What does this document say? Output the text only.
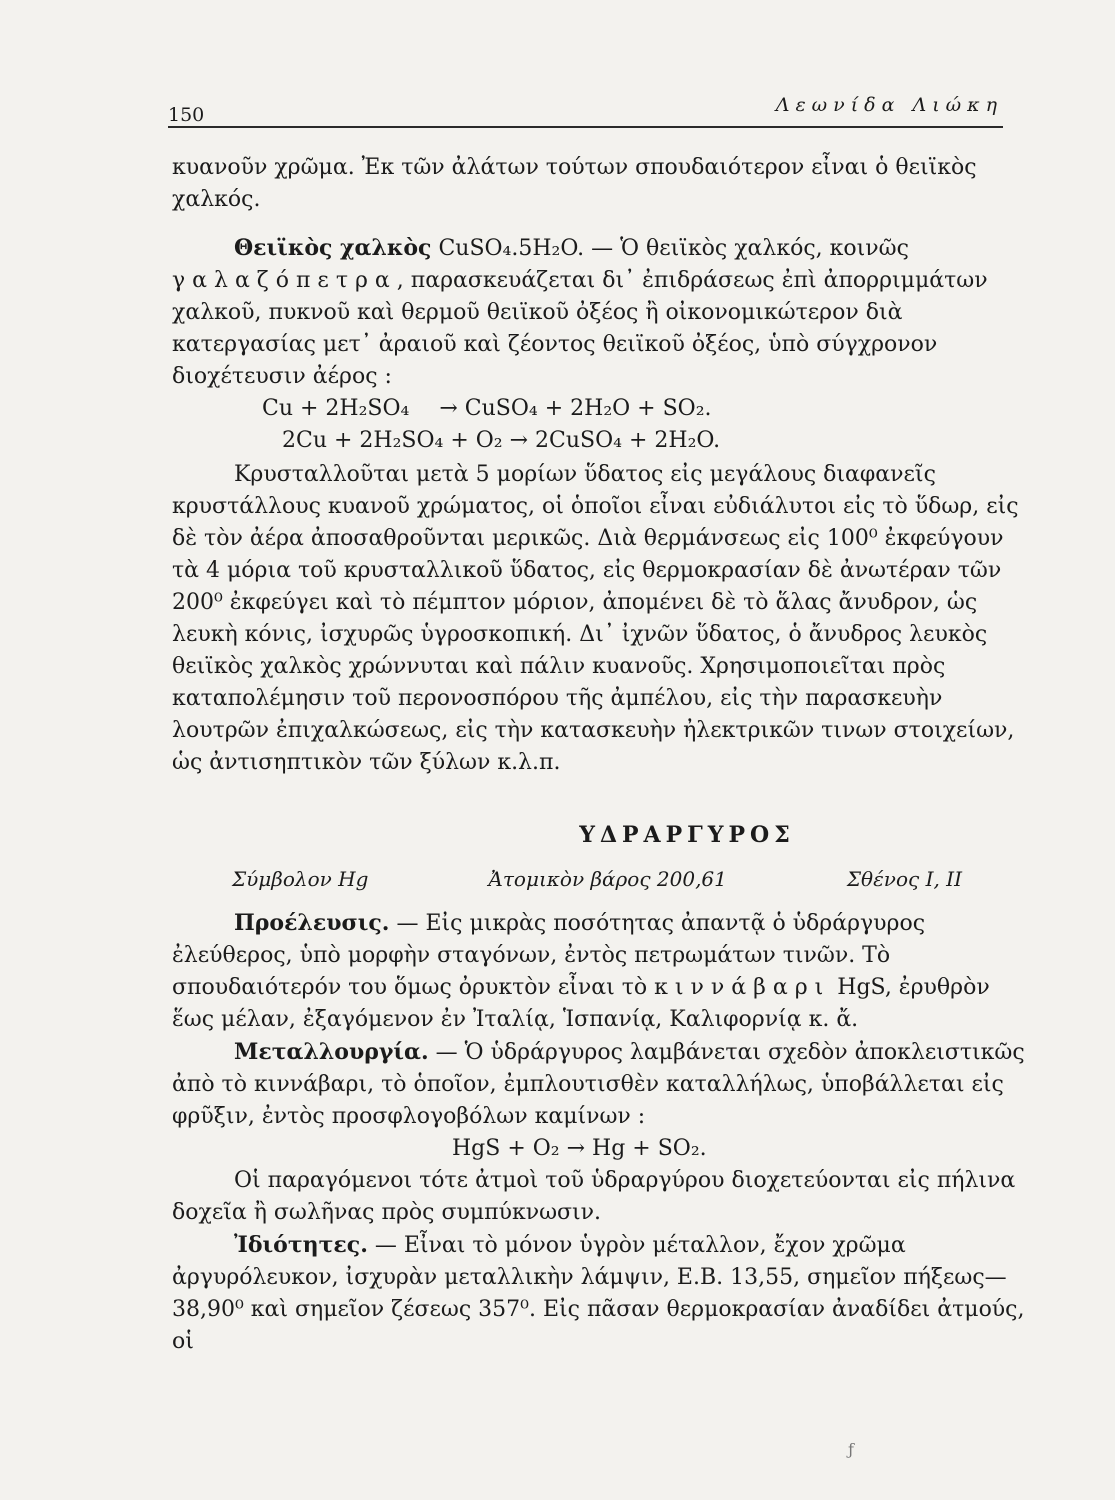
150	Λεωνίδα Λιώκη

κυανοῦν χρῶμα. Ἐκ τῶν ἀλάτων τούτων σπουδαιότερον εἶναι ὁ θειϊκὸς χαλκός.

Θειϊκὸς χαλκὸς CuSO₄.5H₂O. — Ὁ θειϊκὸς χαλκός, κοινῶς γαλαζόπετρα, παρασκευάζεται δι᾽ ἐπιδράσεως ἐπὶ ἀπορριμμάτων χαλκοῦ, πυκνοῦ καὶ θερμοῦ θειϊκοῦ ὀξέος ἢ οἰκονομικώτερον διὰ κατεργασίας μετ᾽ ἀραιοῦ καὶ ζέοντος θειϊκοῦ ὀξέος, ὑπὸ σύγχρονον διοχέτευσιν ἀέρος :

Cu + 2H₂SO₄ → CuSO₄ + 2H₂O + SO₂.
2Cu + 2H₂SO₄ + O₂ → 2CuSO₄ + 2H₂O.

Κρυσταλλοῦται μετὰ 5 μορίων ὕδατος εἰς μεγάλους διαφανεῖς κρυστάλλους κυανοῦ χρώματος, οἱ ὁποῖοι εἶναι εὐδιάλυτοι εἰς τὸ ὕδωρ, εἰς δὲ τὸν ἀέρα ἀποσαθροῦνται μερικῶς. Διὰ θερμάνσεως εἰς 100⁰ ἐκφεύγουν τὰ 4 μόρια τοῦ κρυσταλλικοῦ ὕδατος, εἰς θερμοκρασίαν δὲ ἀνωτέραν τῶν 200⁰ ἐκφεύγει καὶ τὸ πέμπτον μόριον, ἀπομένει δὲ τὸ ἅλας ἄνυδρον, ὡς λευκὴ κόνις, ἰσχυρῶς ὑγροσκοπική. Δι᾽ ἰχνῶν ὕδατος, ὁ ἄνυδρος λευκὸς θειϊκὸς χαλκὸς χρώννυται καὶ πάλιν κυανοῦς. Χρησιμοποιεῖται πρὸς καταπολέμησιν τοῦ περονοσπόρου τῆς ἀμπέλου, εἰς τὴν παρασκευὴν λουτρῶν ἐπιχαλκώσεως, εἰς τὴν κατασκευὴν ἠλεκτρικῶν τινων στοιχείων, ὡς ἀντισηπτικὸν τῶν ξύλων κ.λ.π.

ΥΔΡΑΡΓΥΡΟΣ
Σύμβολον Hg	Ἀτομικὸν βάρος 200,61	Σθένος I, II

Προέλευσις. — Εἰς μικρὰς ποσότητας ἀπαντᾷ ὁ ὑδράργυρος ἐλεύθερος, ὑπὸ μορφὴν σταγόνων, ἐντὸς πετρωμάτων τινῶν. Τὸ σπουδαιότερόν του ὅμως ὀρυκτὸν εἶναι τὸ κιννάβαρι HgS, ἐρυθρὸν ἕως μέλαν, ἐξαγόμενον ἐν Ἰταλίᾳ, Ἱσπανίᾳ, Καλιφορνίᾳ κ. ἄ.

Μεταλλουργία. — Ὁ ὑδράργυρος λαμβάνεται σχεδὸν ἀποκλειστικῶς ἀπὸ τὸ κιννάβαρι, τὸ ὁποῖον, ἐμπλουτισθὲν καταλλήλως, ὑποβάλλεται εἰς φρῦξιν, ἐντὸς προσφλογοβόλων καμίνων :

HgS + O₂ → Hg + SO₂.

Οἱ παραγόμενοι τότε ἀτμοὶ τοῦ ὑδραργύρου διοχετεύονται εἰς πήλινα δοχεῖα ἢ σωλῆνας πρὸς συμπύκνωσιν.

Ἰδιότητες. — Εἶναι τὸ μόνον ὑγρὸν μέταλλον, ἔχον χρῶμα ἀργυρόλευκον, ἰσχυρὰν μεταλλικὴν λάμψιν, Ε.Β. 13,55, σημεῖον πήξεως—38,90⁰ καὶ σημεῖον ζέσεως 357⁰. Εἰς πᾶσαν θερμοκρασίαν ἀναδίδει ἀτμούς, οἱ

ƒ
